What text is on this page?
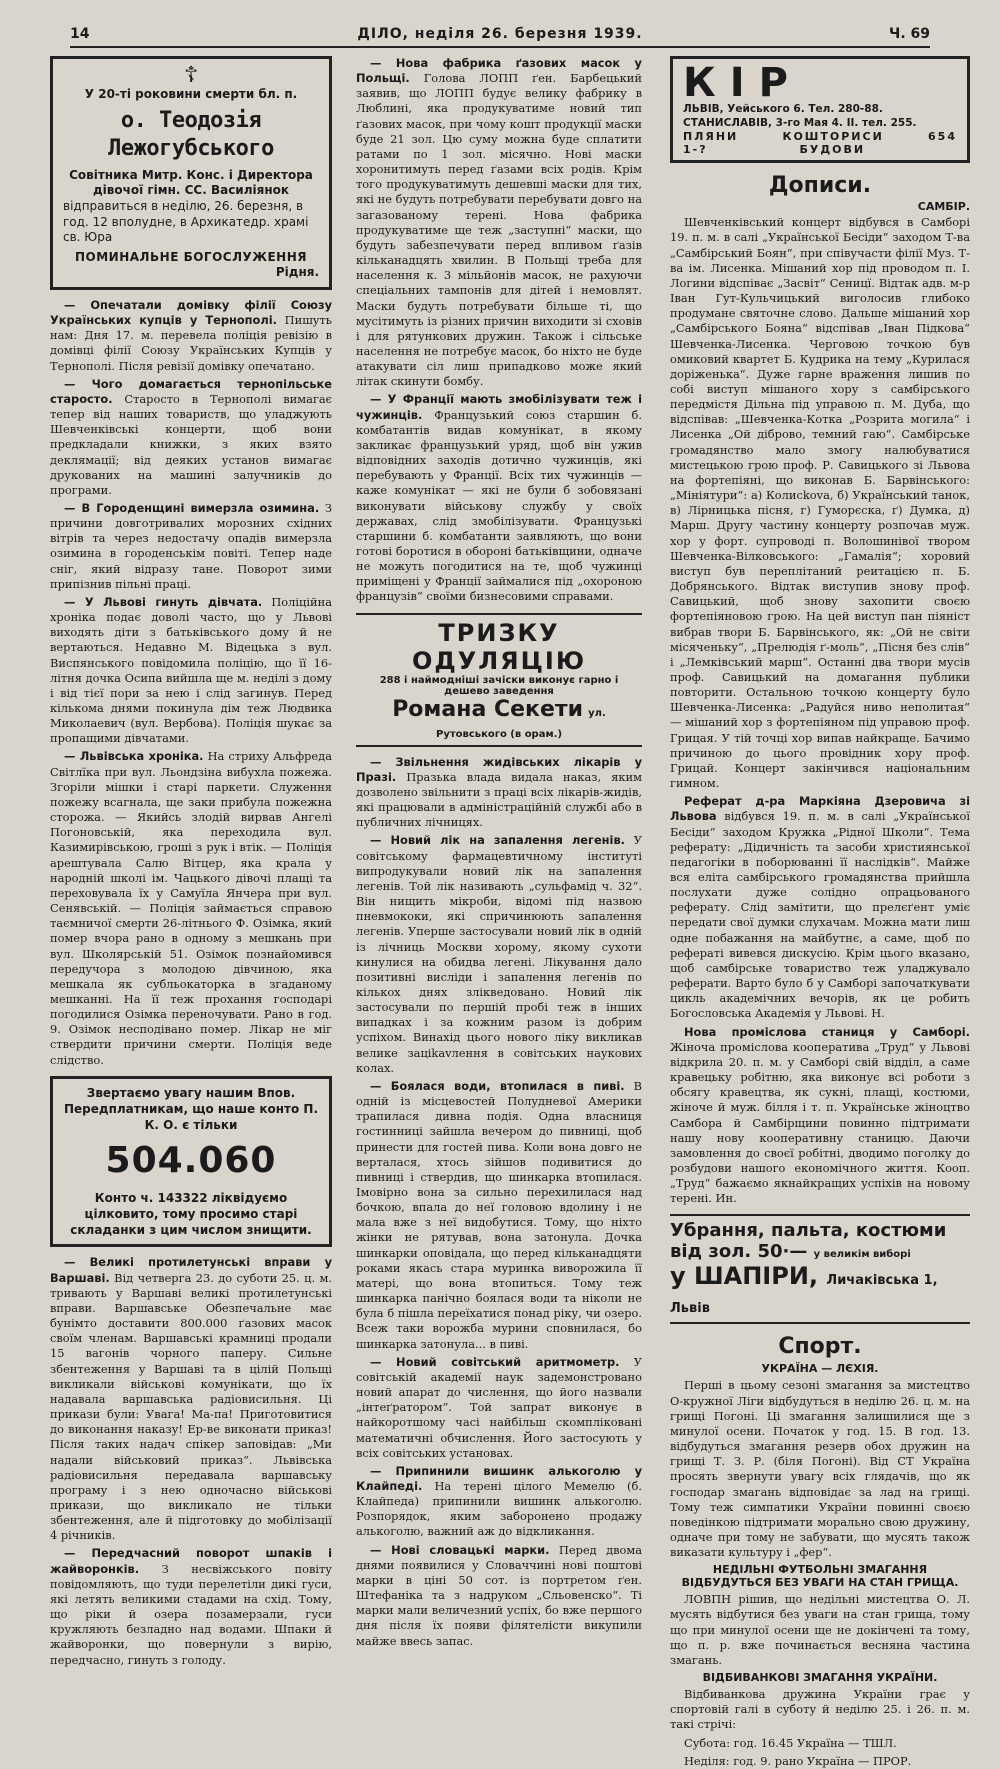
14	ДІЛО, неділя 26. березня 1939.	Ч. 69
☦
У 20-ті роковини смерти бл. п.
о. Теодозія Лежогубського
Совітника Митр. Конс. і Директора дівочої гімн. СС. Василіянок
відправиться в неділю, 26. березня, в год. 12 вполудне, в Архикатедр. храмі св. Юра
ПОМИНАЛЬНЕ БОГОСЛУЖЕННЯ
Рідня.

— Опечатали домівку філії Союзу Українських купців у Тернополі. Пишуть нам: Дня 17. м. перевела поліція ревізію в домівці філії Союзу Українських Купців у Тернополі. Після ревізії домівку опечатано.

— Чого домагається тернопільське старосто. Старосто в Тернополі вимагає тепер від наших товариств, що уладжують Шевченківські концерти, щоб вони предкладали книжки, з яких взято деклямації; від деяких установ вимагає друкованих на машині залучників до програми.

— В Городенщині вимерзла озимина. З причини довготривалих морозних східних вітрів та через недостачу опадів вимерзла озимина в городенськім повіті. Тепер наде сніг, який відразу тане. Поворот зими припізнив пільні праці.

— У Львові гинуть дівчата. Поліційна хроніка подає доволі часто, що у Львові виходять діти з батьківського дому й не вертаються. Недавно М. Відецька з вул. Виспянського повідомила поліцію, що її 16-літня дочка Осипа вийшла ще м. неділі з дому і від тієї пори за нею і слід загинув. Перед кількома днями покинула дім теж Людвика Миколаевич (вул. Вербова). Поліція шукає за пропащими дівчатами.

— Львівська хроніка. На стриху Альфреда Світлїка при вул. Льондзіна вибухла пожежа. Згоріли мішки і старі паркети. Служення пожежу всагнала, ще заки прибула пожежна сторожа. — Якийсь злодій вирвав Ангелі Погоновській, яка переходила вул. Казимирівською, гроші з рук і втік. — Поліція арештувала Салю Вітцер, яка крала у народній школі ім. Чацького дівочі плащі та переховувала їх у Самуїла Янчера при вул. Сенявській. — Поліція займається справою таємничої смерти 26-літнього Ф. Озімка, який помер вчора рано в одному з мешкань при вул. Школярській 51. Озімок познайомився передучора з молодою дівчиною, яка мешкала як субльокаторка в згаданому мешканні. На її теж прохання господарі погодилися Озімка переночувати. Рано в год. 9. Озімок несподівано помер. Лікар не міг ствердити причини смерти. Поліція веде слідство.

Звертаємо увагу нашим Впов. Передплатникам, що наше конто П. К. О. є тільки
504.060
Конто ч. 143322 ліквідуємо цілковито, тому просимо старі складанки з цим числом знищити.

— Великі протилетунські вправи у Варшаві. Від четверга 23. до суботи 25. ц. м. тривають у Варшаві великі протилетунські вправи. Варшавське Обезпечальне має бунімто доставити 800.000 ґазових масок своїм членам. Варшавські крамниці продали 15 вагонів чорного паперу. Сильне збентеження у Варшаві та в цілій Польщі викликали військові комунікати, що їх надавала варшавська радіовисильня. Ці прикази були: Увага! Ма-па! Приготовитися до виконання наказу! Ер-ве виконати приказ! Після таких надач спікер заповідав: „Ми надали військовий приказ“. Львівська радіовисильня передавала варшавську програму і з нею одночасно військові прикази, що викликало не тільки збентеження, але й підготовку до мобілізації 4 річників.

— Передчасний поворот шпаків і жайворонків. З несвіжського повіту повідомляють, що туди перелетіли дикі гуси, які летять великими стадами на схід. Тому, що ріки й озера позамерзали, гуси кружляють безладно над водами. Шпаки й жайворонки, що повернули з вирію, передчасно, гинуть з голоду.

— Нова фабрика ґазових масок у Польщі. Голова ЛОПП ґен. Барбецький заявив, що ЛОПП будує велику фабрику в Люблині, яка продукуватиме новий тип ґазових масок, при чому кошт продукції маски буде 21 зол. Цю суму можна буде сплатити ратами по 1 зол. місячно. Нові маски хоронитимуть перед ґазами всіх родів. Крім того продукуватимуть дешевші маски для тих, які не будуть потребувати перебувати довго на загазованому терені. Нова фабрика продукуватиме ще теж „заступні“ маски, що будуть забезпечувати перед впливом ґазів кільканадцять хвилин. В Польщі треба для населення к. 3 мільйонів масок, не рахуючи спеціальних тампонів для дітей і немовлят. Маски будуть потребувати більше ті, що мусітимуть із різних причин виходити зі сховів і для рятункових дружин. Також і сільське населення не потребує масок, бо ніхто не буде атакувати сіл лиш припадково може який літак скинути бомбу.

— У Франції мають змобілізувати теж і чужинців. Французький союз старшин б. комбатантів видав комунікат, в якому закликає французький уряд, щоб він ужив відповідних заходів дотично чужинців, які перебувають у Франції. Всіх тих чужинців — каже комунікат — які не були б зобовязані виконувати військову службу у своїх державах, слід змобілізувати. Французькі старшини б. комбатанти заявляють, що вони готові боротися в обороні батьківщини, одначе не можуть погодитися на те, щоб чужинці приміщені у Франції займалися під „охороною французів“ своїми бизнесовими справами.

ТРИЗКУ ОДУЛЯЦІЮ
288 і наймодніші зачіски виконує гарно і дешево заведення
Романа Секети ул. Рутовського (в орам.)

— Звільнення жидівських лікарів у Празі. Празька влада видала наказ, яким дозволено звільнити з праці всіх лікарів-жидів, які працювали в адміністраційній службі або в публичних лічницях.

— Новий лік на запалення легенів. У совітському фармацевтичному інституті випродукували новий лік на запалення легенів. Той лік називають „сульфамід ч. 32“. Він нищить мікроби, відомі під назвою пневмококи, які спричинюють запалення легенів. Уперше застосували новий лік в одній із лічниць Москви хорому, якому сухоти кинулися на обидва легені. Лікування дало позитивні висліди і запалення легенів по кількох днях злікведовано. Новий лік застосували по першій пробі теж в інших випадках і за кожним разом із добрим успіхом. Винахід цього нового ліку викликав велике заціkavлення в совітських наукових колах.

— Боялася води, втопилася в пиві. В одній із місцевостей Полудневої Америки трапилася дивна подія. Одна власниця гостинниці зайшла вечером до пивниці, щоб принести для гостей пива. Коли вона довго не верталася, хтось зійшов подивитися до пивниці і ствердив, що шинкарка втопилася. Імовірно вона за сильно перехилилася над бочкою, впала до неї головою вдолину і не мала вже з неї видобутися. Тому, що ніхто жінки не рятував, вона затонула. Дочка шинкарки оповідала, що перед кільканадцяти роками якась стара муринка виворожила її матері, що вона втопиться. Тому теж шинкарка панічно боялася води та ніколи не була б пішла переїхатися понад ріку, чи озеро. Всеж таки ворожба мурини сповнилася, бо шинкарка затонула... в пиві.

— Новий совітський аритмометр. У совітській академії наук задемонстровано новий апарат до числення, що його назвали „інтеґратором“. Той запрат виконує в найкоротшому часі найбільш скомпліковані математичні обчислення. Його застосують у всіх совітських установах.

— Припинили вишинк алькоголю у Клайпеді. На терені цілого Мемелю (б. Клайпеда) припинили вишинк алькоголю. Розпорядок, яким заборонено продажу алькоголю, важний аж до відкликання.

— Нові словацькі марки. Перед двома днями появилися у Словаччині нові поштові марки в ціні 50 сот. із портретом ґен. Штефаніка та з надруком „Сльовенско“. Ті марки мали величезний успіх, бо вже першого дня після їх появи філятелісти викупили майже ввесь запас.

КІР
ЛЬВІВ, Уейського 6. Тел. 280-88.
СТАНИСЛАВІВ, 3-го Мая 4. II. тел. 255.
ПЛЯНИ	КОШТОРИСИ	654
1-?	БУДОВИ
Дописи.
САМБІР.

Шевченківський концерт відбувся в Самборі 19. п. м. в салі „Української Бесіди“ заходом Т-ва „Самбірський Боян“, при співучасти філії Муз. Т-ва ім. Лисенка. Мішаний хор під проводом п. І. Логини відспіває „Засвіт“ Сеницї. Відтак адв. м-р Іван Гут-Кульчицький виголосив глибоко продумане святочне слово. Дальше мішаний хор „Самбірського Бояна“ відспівав „Іван Підкова“ Шевченка-Лисенка. Черговою точкою був омиковий квартет Б. Кудрика на тему „Курилася доріженька“. Дуже гарне враження лишив по собі виступ мішаного хору з самбірського передмістя Дільна під управою п. М. Дуба, що відспівав: „Шевченка-Котка „Розрита могила“ і Лисенка „Ой діброво, темний гаю“. Самбірське громадянство мало змогу налюбуватися мистецькою грою проф. Р. Савицького зі Львова на фортепіяні, що виконав Б. Барвінського: „Мініятури“: а) Колисkova, б) Український танок, в) Лірницька пісня, г) Гуморєска, ґ) Думка, д) Марш. Другу частину концерту розпочав муж. хор у форт. супроводі п. Волошинівої твором Шевченка-Вілковського: „Гамалія“; хоровий виступ був переплітаний реитацією п. Б. Добрянського. Відтак виступив знову проф. Савицький, щоб знову захопити своєю фортепіяновою грою. На цей виступ пан піяніст вибрав твори Б. Барвінського, як: „Ой не світи місяченьку“, „Прелюдія ґ-моль“, „Пісня без слів“ і „Лемківський марш“. Останні два твори мусів проф. Савицький на домагання публики повторити. Остальною точкою концерту було Шевченка-Лисенка: „Радуйся ниво неполитая“ — мішаний хор з фортепіяном під управою проф. Грицая. У тій точці хор випав найкраще. Бачимо причиною до цього провідник хору проф. Грицай. Концерт закінчився національним гимном.

Реферат д-ра Маркіяна Дзеровича зі Львова відбувся 19. п. м. в салі „Української Бесіди“ заходом Кружка „Рідної Школи“. Тема реферату: „Дідичність та засоби християнської педагогіки в поборюванні її наслідків“. Майже вся еліта самбірського громадянства прийшла послухати дуже солідно опрацьованого реферату. Слід замітити, що прелєґент уміє передати свої думки слухачам. Можна мати лиш одне побажання на майбутнє, а саме, щоб по рефераті вивевся дискусію. Крім цього вказано, щоб самбірське товариство теж уладжувало реферати. Варто було б у Самборі започаткувати цикль академічних вечорів, як це робить Богословська Академія у Львові. Н.

Нова проміслова станиця у Самборі. Жіноча проміслова кооператива „Труд“ у Львові відкрила 20. п. м. у Самборі свій відділ, а саме кравецьку робітню, яка виконує всі роботи з обсягу кравецтва, як сукні, плащі, костюми, жіноче й муж. білля і т. п. Українське жіноцтво Самбора й Самбірщини повинно підтримати нашу нову кооперативну станицю. Даючи замовлення до своєї робітні, дводимо поголку до розбудови нашого економічного життя. Кооп. „Труд“ бажаємо якнайкращих успіхів на новому терені. Ин.

Убрання, пальта, костюми
від зол. 50·— у великім виборі
у ШАПІРИ, Личаківська 1, Львів
Спорт.
УКРАЇНА — ЛЄХІЯ.

Перші в цьому сезоні змагання за мистецтво О-кружної Ліги відбудуться в неділю 26. ц. м. на грищі Погоні. Ці змагання залишилися ще з минулої осени. Початок у год. 15. В год. 13. відбудуться змагання резерв обох дружин на грищі Т. З. Р. (біля Погоні). Від СТ Україна просять звернути увагу всіх глядачів, що як господар змагань відповідає за лад на грищі. Тому теж симпатики України повинні своєю поведінкою підтримати морально свою дружину, одначе при тому не забувати, що мусять також виказати культуру і „фер“.

НЕДІЛЬНІ ФУТБОЛЬНІ ЗМАГАННЯ ВІДБУДУТЬСЯ БЕЗ УВАГИ НА СТАН ГРИЩА.

ЛОВПН рішив, що недільні мистецтва О. Л. мусять відбутися без уваги на стан грища, тому що при минулої осени ще не докінчені та тому, що п. р. вже починається весняна частина змагань.

ВІДБИВАНКОВІ ЗМАГАННЯ УКРАЇНИ.

Відбиванкова дружина України грає у спортовій галі в суботу й неділю 25. і 26. п. м. такі стрічі:

Субота: год. 16.45 Україна — ТШЛ.

Неділя: год. 9. рано Україна — ПРОР.
